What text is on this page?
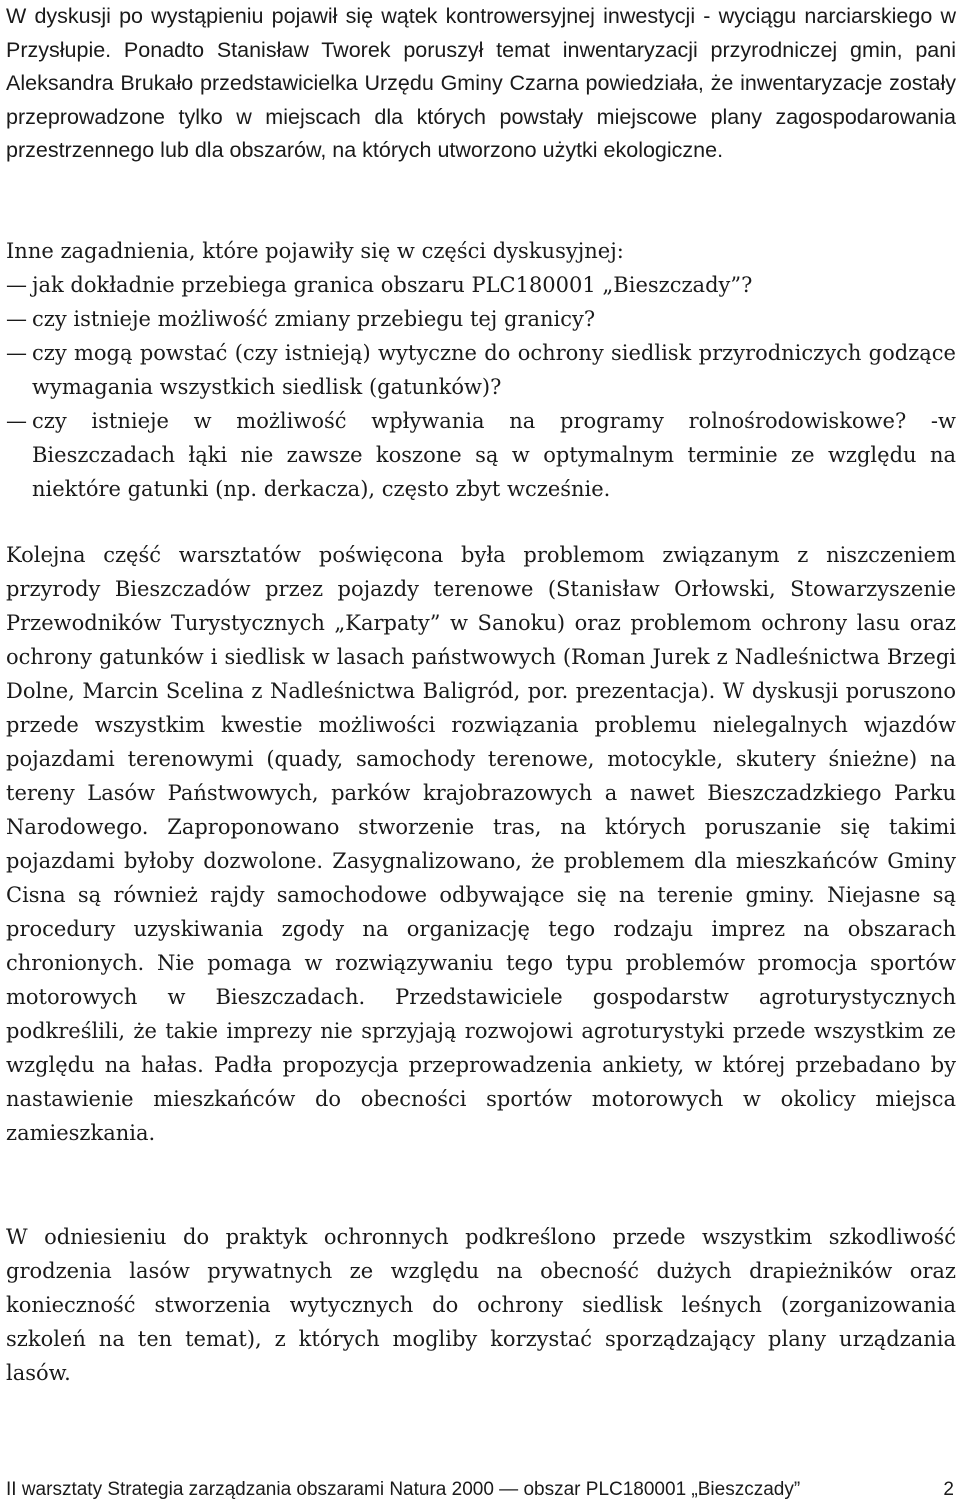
W dyskusji po wystąpieniu pojawił się wątek kontrowersyjnej inwestycji - wyciągu narciarskiego w Przysłupie. Ponadto Stanisław Tworek poruszył temat inwentaryzacji przyrodniczej gmin, pani Aleksandra Brukało przedstawicielka Urzędu Gminy Czarna powiedziała, że inwentaryzacje zostały przeprowadzone tylko w miejscach dla których powstały miejscowe plany zagospodarowania przestrzennego lub dla obszarów, na których utworzono użytki ekologiczne.

Inne zagadnienia, które pojawiły się w części dyskusyjnej:

— jak dokładnie przebiega granica obszaru PLC180001 „Bieszczady”?
— czy istnieje możliwość zmiany przebiegu tej granicy?
— czy mogą powstać (czy istnieją) wytyczne do ochrony siedlisk przyrodniczych godzące wymagania wszystkich siedlisk (gatunków)?
— czy istnieje w możliwość wpływania na programy rolnośrodowiskowe? -w Bieszczadach łąki nie zawsze koszone są w optymalnym terminie ze względu na niektóre gatunki (np. derkacza), często zbyt wcześnie.

Kolejna część warsztatów poświęcona była problemom związanym z niszczeniem przyrody Bieszczadów przez pojazdy terenowe (Stanisław Orłowski, Stowarzyszenie Przewodników Turystycznych „Karpaty” w Sanoku) oraz problemom ochrony lasu oraz ochrony gatunków i siedlisk w lasach państwowych (Roman Jurek z Nadleśnictwa Brzegi Dolne, Marcin Scelina z Nadleśnictwa Baligród, por. prezentacja). W dyskusji poruszono przede wszystkim kwestie możliwości rozwiązania problemu nielegalnych wjazdów pojazdami terenowymi (quady, samochody terenowe, motocykle, skutery śnieżne) na tereny Lasów Państwowych, parków krajobrazowych a nawet Bieszczadzkiego Parku Narodowego. Zaproponowano stworzenie tras, na których poruszanie się takimi pojazdami byłoby dozwolone. Zasygnalizowano, że problemem dla mieszkańców Gminy Cisna są również rajdy samochodowe odbywające się na terenie gminy. Niejasne są procedury uzyskiwania zgody na organizację tego rodzaju imprez na obszarach chronionych. Nie pomaga w rozwiązywaniu tego typu problemów promocja sportów motorowych w Bieszczadach. Przedstawiciele gospodarstw agroturystycznych podkreślili, że takie imprezy nie sprzyjają rozwojowi agroturystyki przede wszystkim ze względu na hałas. Padła propozycja przeprowadzenia ankiety, w której przebadano by nastawienie mieszkańców do obecności sportów motorowych w okolicy miejsca zamieszkania.

W odniesieniu do praktyk ochronnych podkreślono przede wszystkim szkodliwość grodzenia lasów prywatnych ze względu na obecność dużych drapieżników oraz konieczność stworzenia wytycznych do ochrony siedlisk leśnych (zorganizowania szkoleń na ten temat), z których mogliby korzystać sporządzający plany urządzania lasów.

II warsztaty Strategia zarządzania obszarami Natura 2000 — obszar PLC180001 „Bieszczady”	2
